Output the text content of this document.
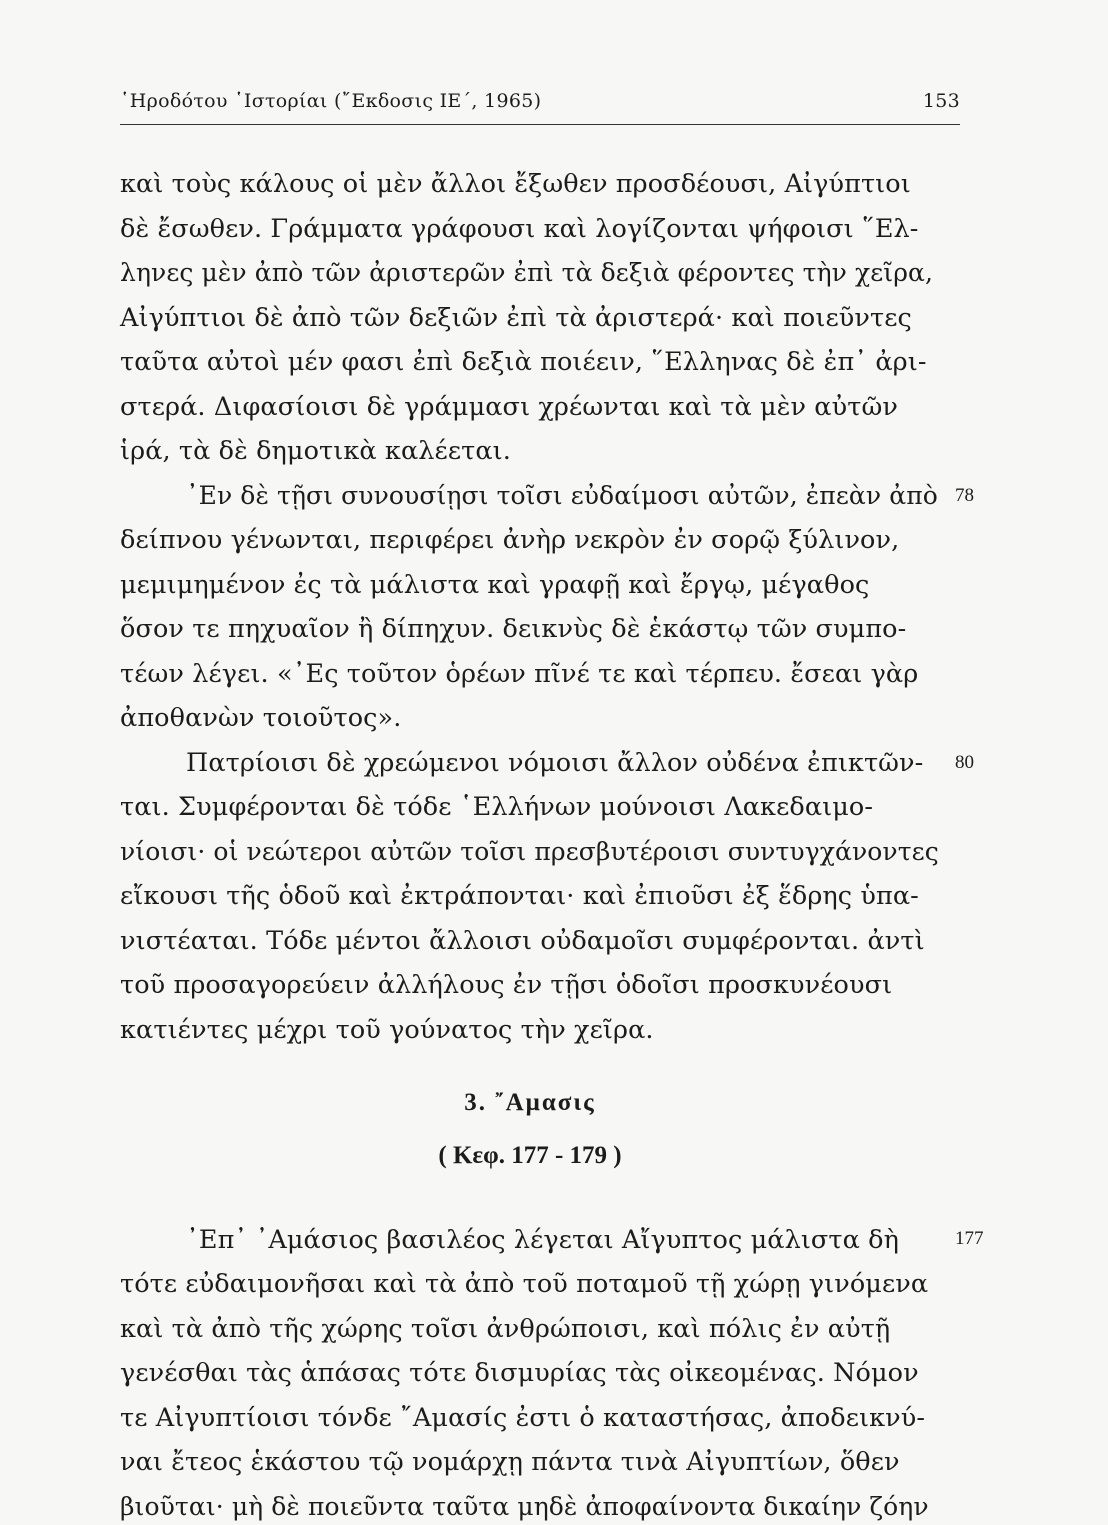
῾Ηροδότου ῾Ιστορίαι (῎Εκδοσις ΙΕ΄, 1965)	153
καὶ τοὺς κάλους οἱ μὲν ἄλλοι ἔξωθεν προσδέουσι, Αἰγύπτιοι
δὲ ἔσωθεν. Γράμματα γράφουσι καὶ λογίζονται ψήφοισι ῞Ελ-
ληνες μὲν ἀπὸ τῶν ἀριστερῶν ἐπὶ τὰ δεξιὰ φέροντες τὴν χεῖρα,
Αἰγύπτιοι δὲ ἀπὸ τῶν δεξιῶν ἐπὶ τὰ ἀριστερά· καὶ ποιεῦντες
ταῦτα αὐτοὶ μέν φασι ἐπὶ δεξιὰ ποιέειν, ῞Ελληνας δὲ ἐπ᾽ ἀρι-
στερά. Διφασίοισι δὲ γράμμασι χρέωνται καὶ τὰ μὲν αὐτῶν
ἱρά, τὰ δὲ δημοτικὰ καλέεται.
᾽Εν δὲ τῇσι συνουσίῃσι τοῖσι εὐδαίμοσι αὐτῶν, ἐπεὰν ἀπὸ 78
δείπνου γένωνται, περιφέρει ἀνὴρ νεκρὸν ἐν σορῷ ξύλινον,
μεμιμημένον ἐς τὰ μάλιστα καὶ γραφῇ καὶ ἔργῳ, μέγαθος
ὅσον τε πηχυαῖον ἢ δίπηχυν. δεικνὺς δὲ ἑκάστῳ τῶν συμπο-
τέων λέγει. «᾽Ες τοῦτον ὁρέων πῖνέ τε καὶ τέρπευ. ἔσεαι γὰρ
ἀποθανὼν τοιοῦτος».
Πατρίοισι δὲ χρεώμενοι νόμοισι ἄλλον οὐδένα ἐπικτῶν-	80
ται. Συμφέρονται δὲ τόδε ῾Ελλήνων μούνοισι Λακεδαιμο-
νίοισι· οἱ νεώτεροι αὐτῶν τοῖσι πρεσβυτέροισι συντυγχάνοντες
εἴκουσι τῆς ὁδοῦ καὶ ἐκτράπονται· καὶ ἐπιοῦσι ἐξ ἕδρης ὑπα-
νιστέαται. Τόδε μέντοι ἄλλοισι οὐδαμοῖσι συμφέρονται. ἀντὶ
τοῦ προσαγορεύειν ἀλλήλους ἐν τῇσι ὁδοῖσι προσκυνέουσι
κατιέντες μέχρι τοῦ γούνατος τὴν χεῖρα.
3. ῎Αμασις
( Κεφ. 177 - 179 )
᾽Επ᾽ ᾽Αμάσιος βασιλέος λέγεται Αἴγυπτος μάλιστα δὴ	177
τότε εὐδαιμονῆσαι καὶ τὰ ἀπὸ τοῦ ποταμοῦ τῇ χώρῃ γινόμενα
καὶ τὰ ἀπὸ τῆς χώρης τοῖσι ἀνθρώποισι, καὶ πόλις ἐν αὐτῇ
γενέσθαι τὰς ἁπάσας τότε δισμυρίας τὰς οἰκεομένας. Νόμον
τε Αἰγυπτίοισι τόνδε ῎Αμασίς ἐστι ὁ καταστήσας, ἀποδεικνύ-
ναι ἔτεος ἑκάστου τῷ νομάρχῃ πάντα τινὰ Αἰγυπτίων, ὅθεν
βιοῦται· μὴ δὲ ποιεῦντα ταῦτα μηδὲ ἀποφαίνοντα δικαίην ζόην
